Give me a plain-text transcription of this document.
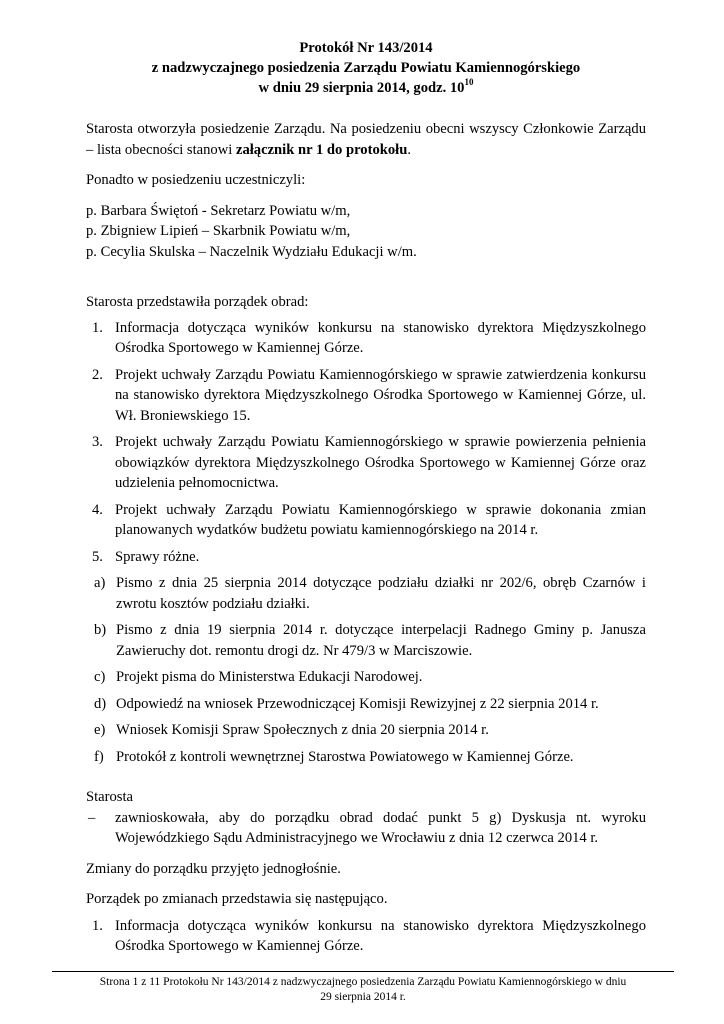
Protokół Nr 143/2014
z nadzwyczajnego posiedzenia Zarządu Powiatu Kamiennogórskiego
w dniu 29 sierpnia 2014, godz. $10^{10}$

Starosta otworzyła posiedzenie Zarządu. Na posiedzeniu obecni wszyscy Członkowie Zarządu – lista obecności stanowi załącznik nr 1 do protokołu.

Ponadto w posiedzeniu uczestniczyli:

p. Barbara Świętoń - Sekretarz Powiatu w/m,
p. Zbigniew Lipień – Skarbnik Powiatu w/m,
p. Cecylia Skulska – Naczelnik Wydziału Edukacji w/m.

Starosta przedstawiła porządek obrad:

1. Informacja dotycząca wyników konkursu na stanowisko dyrektora Międzyszkolnego Ośrodka Sportowego w Kamiennej Górze.
2. Projekt uchwały Zarządu Powiatu Kamiennogórskiego w sprawie zatwierdzenia konkursu na stanowisko dyrektora Międzyszkolnego Ośrodka Sportowego w Kamiennej Górze, ul. Wł. Broniewskiego 15.
3. Projekt uchwały Zarządu Powiatu Kamiennogórskiego w sprawie powierzenia pełnienia obowiązków dyrektora Międzyszkolnego Ośrodka Sportowego w Kamiennej Górze oraz udzielenia pełnomocnictwa.
4. Projekt uchwały Zarządu Powiatu Kamiennogórskiego w sprawie dokonania zmian planowanych wydatków budżetu powiatu kamiennogórskiego na 2014 r.
5. Sprawy różne.
a) Pismo z dnia 25 sierpnia 2014 dotyczące podziału działki nr 202/6, obręb Czarnów i zwrotu kosztów podziału działki.
b) Pismo z dnia 19 sierpnia 2014 r. dotyczące interpelacji Radnego Gminy p. Janusza Zawieruchy dot. remontu drogi dz. Nr 479/3 w Marciszowie.
c) Projekt pisma do Ministerstwa Edukacji Narodowej.
d) Odpowiedź na wniosek Przewodniczącej Komisji Rewizyjnej z 22 sierpnia 2014 r.
e) Wniosek Komisji Spraw Społecznych z dnia 20 sierpnia 2014 r.
f) Protokół z kontroli wewnętrznej Starostwa Powiatowego w Kamiennej Górze.

Starosta

– zawnioskowała, aby do porządku obrad dodać punkt 5 g) Dyskusja nt. wyroku Wojewódzkiego Sądu Administracyjnego we Wrocławiu z dnia 12 czerwca 2014 r.

Zmiany do porządku przyjęto jednogłośnie.

Porządek po zmianach przedstawia się następująco.

1. Informacja dotycząca wyników konkursu na stanowisko dyrektora Międzyszkolnego Ośrodka Sportowego w Kamiennej Górze.
Strona 1 z 11 Protokołu Nr 143/2014 z nadzwyczajnego posiedzenia Zarządu Powiatu Kamiennogórskiego w dniu
29 sierpnia 2014 r.
